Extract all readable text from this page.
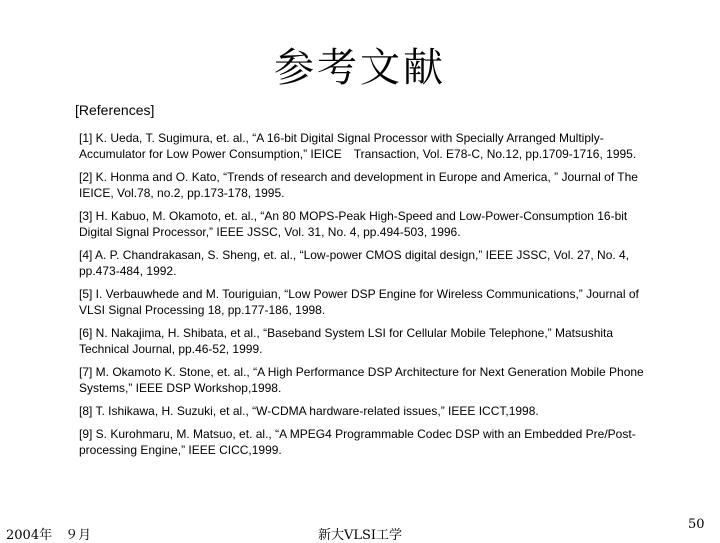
参考文献
[References]

[1] K. Ueda, T. Sugimura, et. al., “A 16-bit Digital Signal Processor with Specially Arranged Multiply-Accumulator for Low Power Consumption,” IEICE　Transaction, Vol. E78-C, No.12, pp.1709-1716, 1995.

[2] K. Honma and O. Kato, “Trends of research and development in Europe and America, ” Journal of The IEICE, Vol.78, no.2, pp.173-178, 1995.

[3] H. Kabuo, M. Okamoto, et. al., “An 80 MOPS-Peak High-Speed and Low-Power-Consumption 16-bit Digital Signal Processor,” IEEE JSSC, Vol. 31, No. 4, pp.494-503, 1996.

[4] A. P. Chandrakasan, S. Sheng, et. al., “Low-power CMOS digital design,” IEEE JSSC, Vol. 27, No. 4, pp.473-484, 1992.

[5] I. Verbauwhede and M. Touriguian, “Low Power DSP Engine for Wireless Communications,” Journal of VLSI Signal Processing 18, pp.177-186, 1998.

[6] N. Nakajima, H. Shibata, et al., “Baseband System LSI for Cellular Mobile Telephone,” Matsushita Technical Journal, pp.46-52, 1999.

[7] M. Okamoto K. Stone, et. al., “A High Performance DSP Architecture for Next Generation Mobile Phone Systems,” IEEE DSP Workshop,1998.

[8] T. Ishikawa, H. Suzuki, et al., “W-CDMA hardware-related issues,” IEEE ICCT,1998.

[9] S. Kurohmaru, M. Matsuo, et. al., “A MPEG4 Programmable Codec DSP with an Embedded Pre/Post-processing Engine,” IEEE CICC,1999.

2004年　９月	新大VLSI工学
50
